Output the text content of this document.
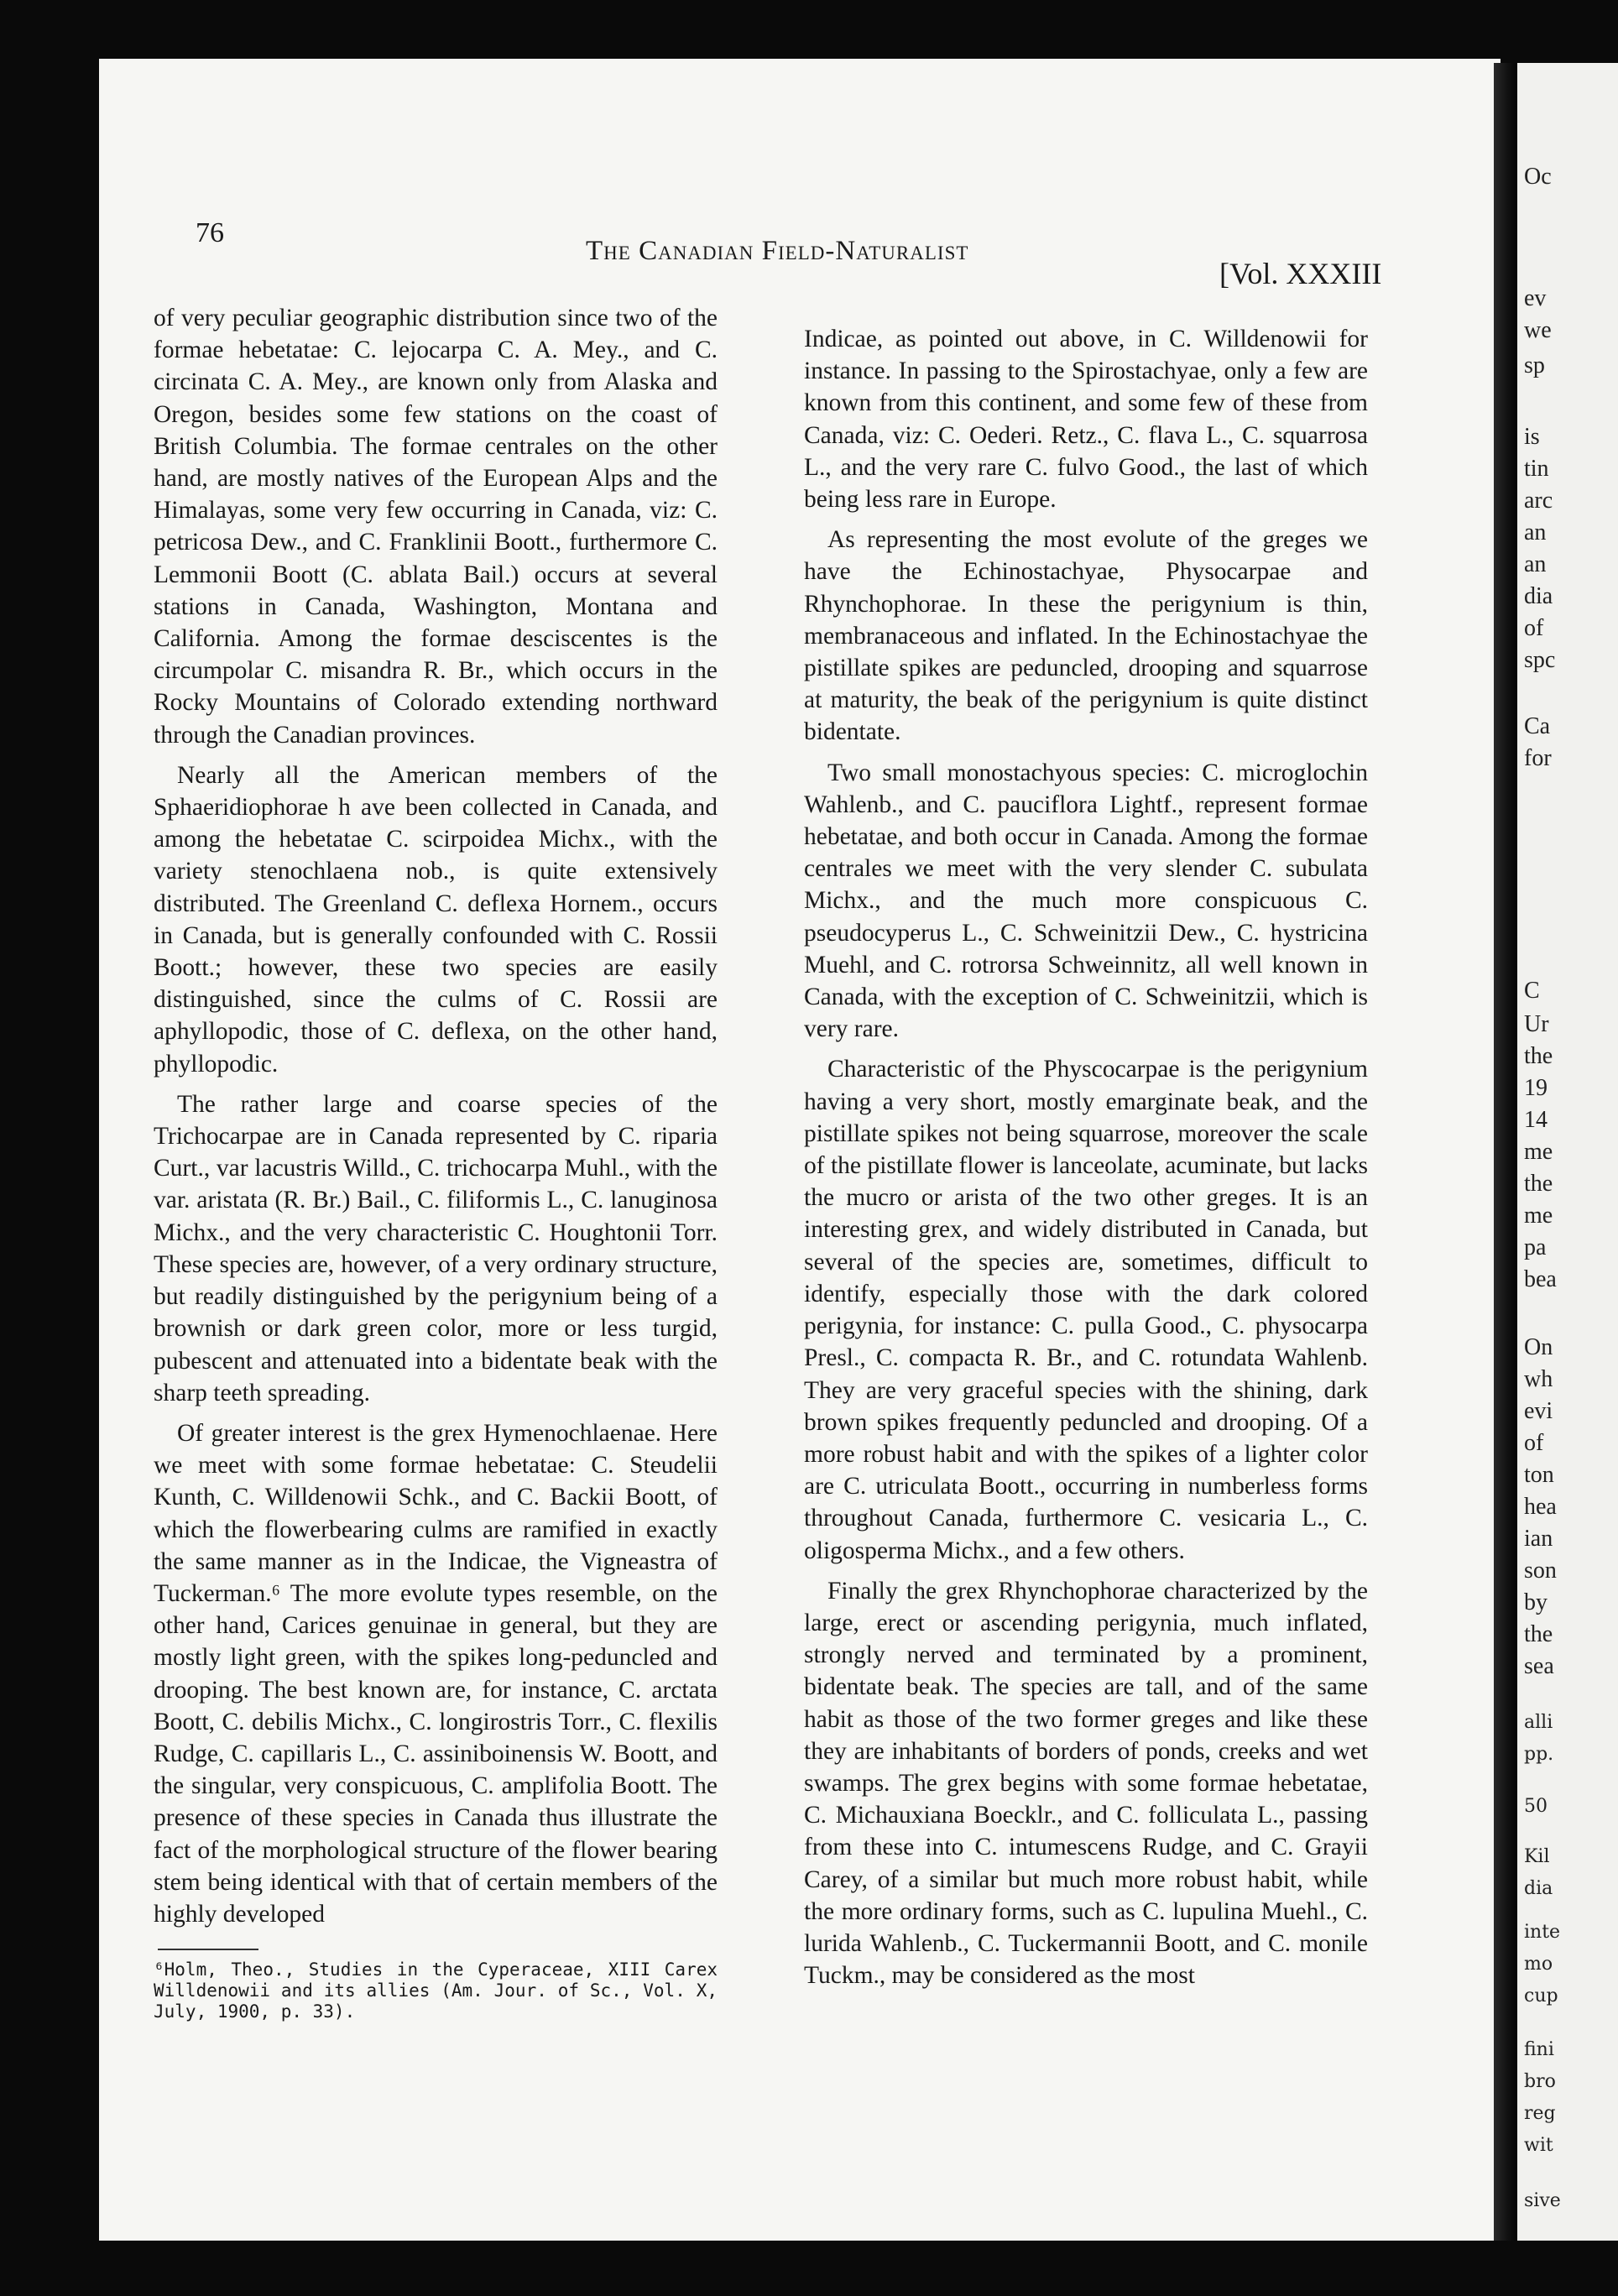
76
The Canadian Field-Naturalist
[Vol. XXXIII

of very peculiar geographic distribution since two of the formae hebetatae: C. lejocarpa C. A. Mey., and C. circinata C. A. Mey., are known only from Alaska and Oregon, besides some few stations on the coast of British Columbia. The formae centrales on the other hand, are mostly natives of the European Alps and the Himalayas, some very few occurring in Canada, viz: C. petricosa Dew., and C. Franklinii Boott., furthermore C. Lemmonii Boott (C. ablata Bail.) occurs at several stations in Canada, Washington, Montana and California. Among the formae desciscentes is the circumpolar C. misandra R. Br., which occurs in the Rocky Mountains of Colorado extending northward through the Canadian provinces.

Nearly all the American members of the Sphaeridiophorae h ave been collected in Canada, and among the hebetatae C. scirpoidea Michx., with the variety stenochlaena nob., is quite extensively distributed. The Greenland C. deflexa Hornem., occurs in Canada, but is generally confounded with C. Rossii Boott.; however, these two species are easily distinguished, since the culms of C. Rossii are aphyllopodic, those of C. deflexa, on the other hand, phyllopodic.

The rather large and coarse species of the Trichocarpae are in Canada represented by C. riparia Curt., var lacustris Willd., C. trichocarpa Muhl., with the var. aristata (R. Br.) Bail., C. filiformis L., C. lanuginosa Michx., and the very characteristic C. Houghtonii Torr. These species are, however, of a very ordinary structure, but readily distinguished by the perigynium being of a brownish or dark green color, more or less turgid, pubescent and attenuated into a bidentate beak with the sharp teeth spreading.

Of greater interest is the grex Hymenochlaenae. Here we meet with some formae hebetatae: C. Steudelii Kunth, C. Willdenowii Schk., and C. Backii Boott, of which the flowerbearing culms are ramified in exactly the same manner as in the Indicae, the Vigneastra of Tuckerman.⁶ The more evolute types resemble, on the other hand, Carices genuinae in general, but they are mostly light green, with the spikes long-peduncled and drooping. The best known are, for instance, C. arctata Boott, C. debilis Michx., C. longirostris Torr., C. flexilis Rudge, C. capillaris L., C. assiniboinensis W. Boott, and the singular, very conspicuous, C. amplifolia Boott. The presence of these species in Canada thus illustrate the fact of the morphological structure of the flower bearing stem being identical with that of certain members of the highly developed

Indicae, as pointed out above, in C. Willdenowii for instance. In passing to the Spirostachyae, only a few are known from this continent, and some few of these from Canada, viz: C. Oederi. Retz., C. flava L., C. squarrosa L., and the very rare C. fulvo Good., the last of which being less rare in Europe.

As representing the most evolute of the greges we have the Echinostachyae, Physocarpae and Rhynchophorae. In these the perigynium is thin, membranaceous and inflated. In the Echinostachyae the pistillate spikes are peduncled, drooping and squarrose at maturity, the beak of the perigynium is quite distinct bidentate.

Two small monostachyous species: C. microglochin Wahlenb., and C. pauciflora Lightf., represent formae hebetatae, and both occur in Canada. Among the formae centrales we meet with the very slender C. subulata Michx., and the much more conspicuous C. pseudocyperus L., C. Schweinitzii Dew., C. hystricina Muehl, and C. rotrorsa Schweinnitz, all well known in Canada, with the exception of C. Schweinitzii, which is very rare.

Characteristic of the Physcocarpae is the perigynium having a very short, mostly emarginate beak, and the pistillate spikes not being squarrose, moreover the scale of the pistillate flower is lanceolate, acuminate, but lacks the mucro or arista of the two other greges. It is an interesting grex, and widely distributed in Canada, but several of the species are, sometimes, difficult to identify, especially those with the dark colored perigynia, for instance: C. pulla Good., C. physocarpa Presl., C. compacta R. Br., and C. rotundata Wahlenb. They are very graceful species with the shining, dark brown spikes frequently peduncled and drooping. Of a more robust habit and with the spikes of a lighter color are C. utriculata Boott., occurring in numberless forms throughout Canada, furthermore C. vesicaria L., C. oligosperma Michx., and a few others.

Finally the grex Rhynchophorae characterized by the large, erect or ascending perigynia, much inflated, strongly nerved and terminated by a prominent, bidentate beak. The species are tall, and of the same habit as those of the two former greges and like these they are inhabitants of borders of ponds, creeks and wet swamps. The grex begins with some formae hebetatae, C. Michauxiana Boecklr., and C. folliculata L., passing from these into C. intumescens Rudge, and C. Grayii Carey, of a similar but much more robust habit, while the more ordinary forms, such as C. lupulina Muehl., C. lurida Wahlenb., C. Tuckermannii Boott, and C. monile Tuckm., may be considered as the most

⁶Holm, Theo., Studies in the Cyperaceae, XIII Carex Willdenowii and its allies (Am. Jour. of Sc., Vol. X, July, 1900, p. 33).
Oc
ev
we
sp
is
tin
arc
an
an
dia
of
spc
Ca
for
C
Ur
the
19
14
me
the
me
pa
bea
On
wh
evi
of
ton
hea
ian
son
by
the
sea
alli
pp.
50
Kil
dia
inte
mo
cup
fini
bro
reg
wit
sive
